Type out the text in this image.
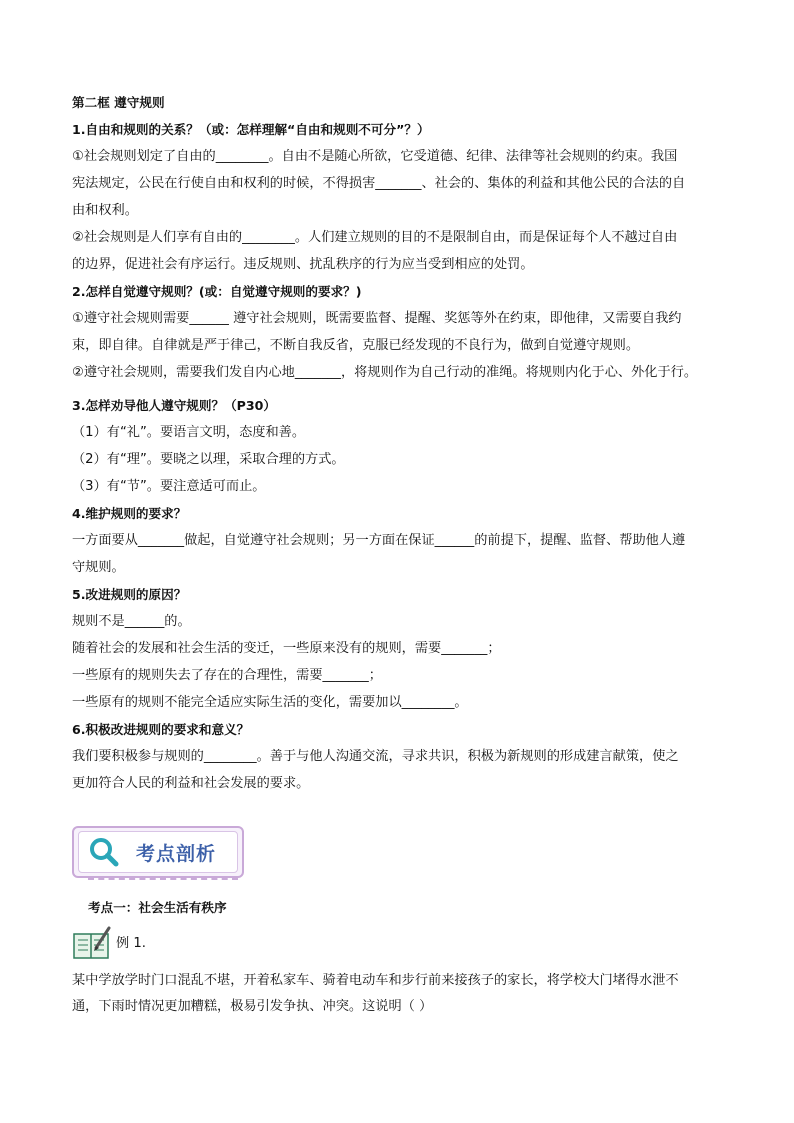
第二框 遵守规则
1.自由和规则的关系？（或：怎样理解“自由和规则不可分”？）
①社会规则划定了自由的________。自由不是随心所欲，它受道德、纪律、法律等社会规则的约束。我国
宪法规定，公民在行使自由和权利的时候，不得损害_______、社会的、集体的利益和其他公民的合法的自
由和权利。
②社会规则是人们享有自由的________。人们建立规则的目的不是限制自由，而是保证每个人不越过自由
的边界，促进社会有序运行。违反规则、扰乱秩序的行为应当受到相应的处罚。
2.怎样自觉遵守规则？(或：自觉遵守规则的要求？)
①遵守社会规则需要______ 遵守社会规则，既需要监督、提醒、奖惩等外在约束，即他律，又需要自我约
束，即自律。自律就是严于律己，不断自我反省，克服已经发现的不良行为，做到自觉遵守规则。
②遵守社会规则，需要我们发自内心地_______，将规则作为自己行动的准绳。将规则内化于心、外化于行。
3.怎样劝导他人遵守规则？（P30）
（1）有“礼”。要语言文明，态度和善。
（2）有“理”。要晓之以理，采取合理的方式。
（3）有“节”。要注意适可而止。
4.维护规则的要求？
一方面要从_______做起，自觉遵守社会规则；另一方面在保证______的前提下，提醒、监督、帮助他人遵
守规则。
5.改进规则的原因？
规则不是______的。
随着社会的发展和社会生活的变迁，一些原来没有的规则，需要_______；
一些原有的规则失去了存在的合理性，需要_______；
一些原有的规则不能完全适应实际生活的变化，需要加以________。
6.积极改进规则的要求和意义？
我们要积极参与规则的________。善于与他人沟通交流，寻求共识，积极为新规则的形成建言献策，使之
更加符合人民的利益和社会发展的要求。
考点剖析
考点一：社会生活有秩序
例 1.
某中学放学时门口混乱不堪，开着私家车、骑着电动车和步行前来接孩子的家长，将学校大门堵得水泄不
通，下雨时情况更加糟糕，极易引发争执、冲突。这说明（ ）
